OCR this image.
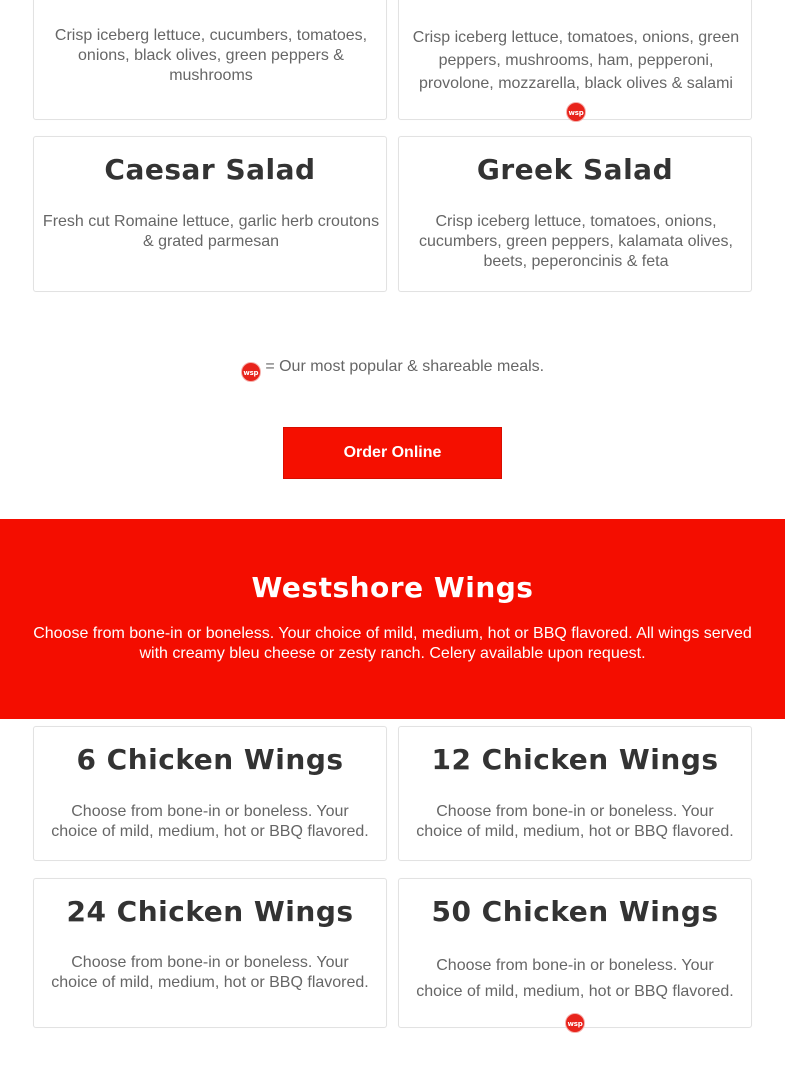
Crisp iceberg lettuce, cucumbers, tomatoes, onions, black olives, green peppers & mushrooms

Crisp iceberg lettuce, tomatoes, onions, green peppers, mushrooms, ham, pepperoni, provolone, mozzarella, black olives & salami wsp

Caesar Salad

Fresh cut Romaine lettuce, garlic herb croutons & grated parmesan

Greek Salad

Crisp iceberg lettuce, tomatoes, onions, cucumbers, green peppers, kalamata olives, beets, peperoncinis & feta

wsp = Our most popular & shareable meals.
Order Online
Westshore Wings

Choose from bone-in or boneless. Your choice of mild, medium, hot or BBQ flavored. All wings served with creamy bleu cheese or zesty ranch. Celery available upon request.

6 Chicken Wings

Choose from bone-in or boneless. Your choice of mild, medium, hot or BBQ flavored.

12 Chicken Wings

Choose from bone-in or boneless. Your choice of mild, medium, hot or BBQ flavored.

24 Chicken Wings

Choose from bone-in or boneless. Your choice of mild, medium, hot or BBQ flavored.

50 Chicken Wings

Choose from bone-in or boneless. Your choice of mild, medium, hot or BBQ flavored. wsp
